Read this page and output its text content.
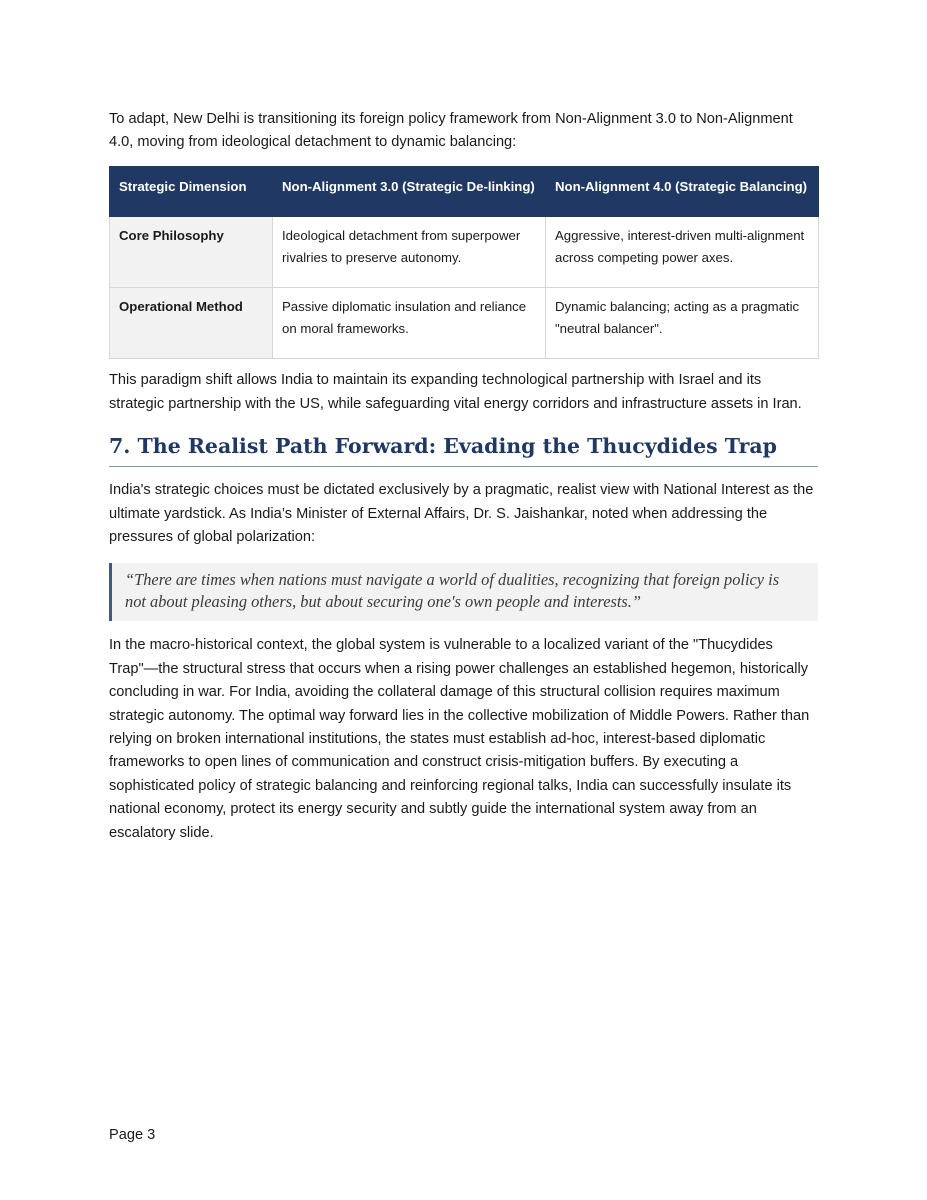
To adapt, New Delhi is transitioning its foreign policy framework from Non-Alignment 3.0 to Non-Alignment 4.0, moving from ideological detachment to dynamic balancing:

Strategic Dimension	Non-Alignment 3.0 (Strategic De-linking)	Non-Alignment 4.0 (Strategic Balancing)
Core Philosophy	Ideological detachment from superpower rivalries to preserve autonomy.	Aggressive, interest-driven multi-alignment across competing power axes.
Operational Method	Passive diplomatic insulation and reliance on moral frameworks.	Dynamic balancing; acting as a pragmatic "neutral balancer".

This paradigm shift allows India to maintain its expanding technological partnership with Israel and its strategic partnership with the US, while safeguarding vital energy corridors and infrastructure assets in Iran.

7. The Realist Path Forward: Evading the Thucydides Trap

India's strategic choices must be dictated exclusively by a pragmatic, realist view with National Interest as the ultimate yardstick. As India’s Minister of External Affairs, Dr. S. Jaishankar, noted when addressing the pressures of global polarization:

“There are times when nations must navigate a world of dualities, recognizing that foreign policy is not about pleasing others, but about securing one's own people and interests.”

In the macro-historical context, the global system is vulnerable to a localized variant of the "Thucydides Trap"—the structural stress that occurs when a rising power challenges an established hegemon, historically concluding in war. For India, avoiding the collateral damage of this structural collision requires maximum strategic autonomy. The optimal way forward lies in the collective mobilization of Middle Powers. Rather than relying on broken international institutions, the states must establish ad-hoc, interest-based diplomatic frameworks to open lines of communication and construct crisis-mitigation buffers. By executing a sophisticated policy of strategic balancing and reinforcing regional talks, India can successfully insulate its national economy, protect its energy security and subtly guide the international system away from an escalatory slide.

Page 3
